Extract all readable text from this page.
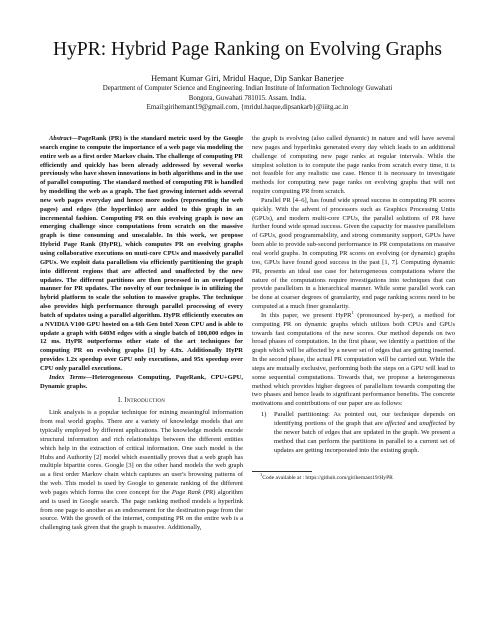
HyPR: Hybrid Page Ranking on Evolving Graphs
Hemant Kumar Giri, Mridul Haque, Dip Sankar Banerjee
Department of Computer Science and Engineering. Indian Institute of Information Technology Guwahati
Bongora, Guwahati 781015. Assam. India.
Email:girihemant19@gmail.com, {mridul.haque,dipsankarb}@iiitg.ac.in

Abstract—PageRank (PR) is the standard metric used by the Google search engine to compute the importance of a web page via modeling the entire web as a first order Markov chain. The challenge of computing PR efficiently and quickly has been already addressed by several works previously who have shown innovations in both algorithms and in the use of parallel computing. The standard method of computing PR is handled by modelling the web as a graph. The fast growing internet adds several new web pages everyday and hence more nodes (representing the web pages) and edges (the hyperlinks) are added to this graph in an incremental fashion. Computing PR on this evolving graph is now an emerging challenge since computations from scratch on the massive graph is time consuming and unscalable. In this work, we propose Hybrid Page Rank (HyPR), which computes PR on evolving graphs using collaborative executions on muti-core CPUs and massively parallel GPUs. We exploit data parallelism via efficiently partitioning the graph into different regions that are affected and unaffected by the new updates. The different partitions are then processed in an overlapped manner for PR updates. The novelty of our technique is in utilizing the hybrid platform to scale the solution to massive graphs. The technique also provides high performance through parallel processing of every batch of updates using a parallel algorithm. HyPR efficiently executes on a NVIDIA V100 GPU hosted on a 6th Gen Intel Xeon CPU and is able to update a graph with 640M edges with a single batch of 100,000 edges in 12 ms. HyPR outperforms other state of the art techniques for computing PR on evolving graphs [1] by 4.8x. Additionally HyPR provides 1.2x speedup over GPU only executions, and 95x speedup over CPU only parallel executions.

Index Terms—Heterogeneous Computing, PageRank, CPU+GPU, Dynamic graphs.

I. Introduction

Link analysis is a popular technique for mining meaningful information from real world graphs. There are a variety of knowledge models that are typically employed by different applications. The knowledge models encode structural information and rich relationships between the different entities which help in the extraction of critical information. One such model is the Hubs and Authority [2] model which essentially proves that a web graph has multiple bipartite cores. Google [3] on the other hand models the web graph as a first order Markov chain which captures an user's browsing patterns of the web. This model is used by Google to generate ranking of the different web pages which forms the core concept for the Page Rank (PR) algorithm and is used in Google search. The page ranking method models a hyperlink from one page to another as an endorsement for the destination page from the source. With the growth of the internet, computing PR on the entire web is a challenging task given that the graph is massive. Additionally,

the graph is evolving (also called dynamic) in nature and will have several new pages and hyperlinks generated every day which leads to an additional challenge of computing new page ranks at regular intervals. While the simplest solution is to compute the page ranks from scratch every time, it is not feasible for any realistic use case. Hence it is necessary to investigate methods for computing new page ranks on evolving graphs that will not require computing PR from scratch.

Parallel PR [4–6], has found wide spread success in computing PR scores quickly. With the advent of processors such as Graphics Processing Units (GPUs), and modern multi-core CPUs, the parallel solutions of PR have further found wide spread success. Given the capacity for massive parallelism of GPUs, good programmability, and strong community support, GPUs have been able to provide sub-second performance in PR computations on massive real world graphs. In computing PR scores on evolving (or dynamic) graphs too, GPUs have found good success in the past [1, 7]. Computing dynamic PR, presents an ideal use case for heterogeneous computations where the nature of the computations require investigations into techniques that can provide parallelism in a hierarchical manner. While some parallel work can be done at coarser degrees of granularity, end page ranking scores need to be computed at a much finer granularity.

In this paper, we present HyPR$^1$ (pronounced hy-per), a method for computing PR on dynamic graphs which utilizes both CPUs and GPUs towards fast computations of the new scores. Our method depends on two broad phases of computation. In the first phase, we identify a partition of the graph which will be affected by a newer set of edges that are getting inserted. In the second phase, the actual PR computation will be carried out. While the steps are mutually exclusive, performing both the steps on a GPU will lead to some sequential computations. Towards that, we propose a heterogeneous method which provides higher degrees of parallelism towards computing the two phases and hence leads to significant performance benefits. The concrete motivations and contributions of our paper are as follows:

1) Parallel partitioning: As pointed out, our technique depends on identifying portions of the graph that are affected and unaffected by the newer batch of edges that are updated in the graph. We present a method that can perform the partitions in parallel to a current set of updates are getting incorporated into the existing graph.
$^1$Code available at : https://github.com/girihemant19/HyPR
